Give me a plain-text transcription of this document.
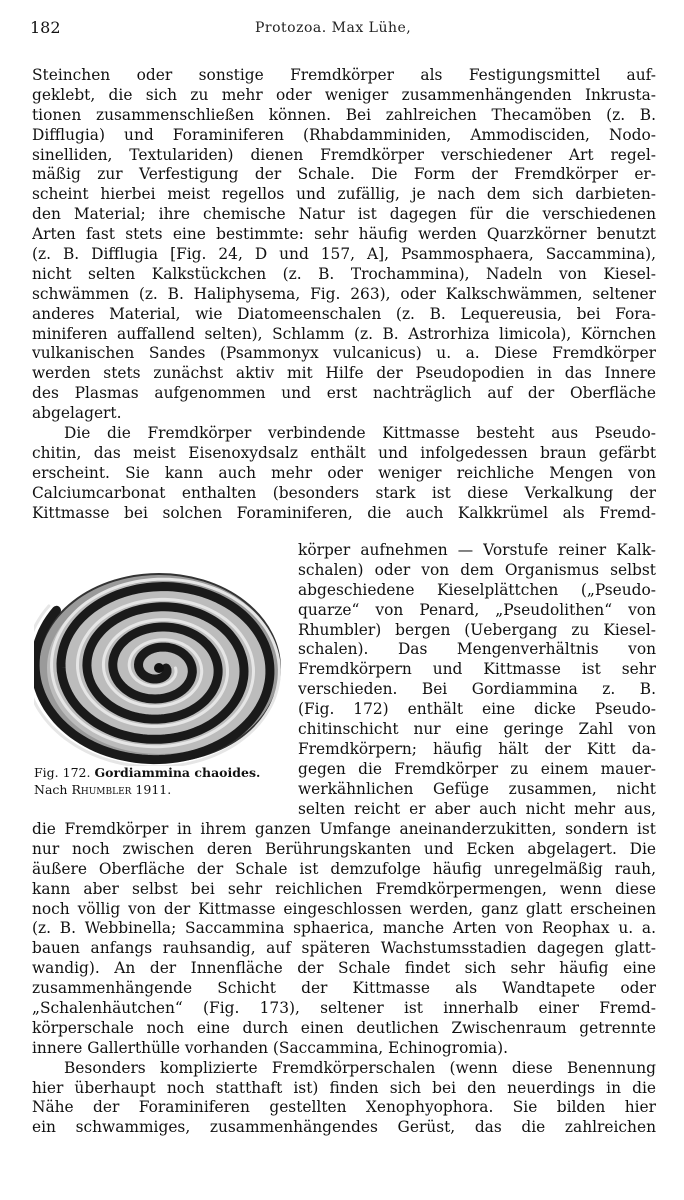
182	Protozoa. Max Lühe,
Steinchen oder sonstige Fremdkörper als Festigungsmittel auf-
geklebt, die sich zu mehr oder weniger zusammenhängenden Inkrusta-
tionen zusammenschließen können. Bei zahlreichen Thecamöben (z. B.
Difflugia) und Foraminiferen (Rhabdamminiden, Ammodisciden, Nodo-
sinelliden, Textulariden) dienen Fremdkörper verschiedener Art regel-
mäßig zur Verfestigung der Schale. Die Form der Fremdkörper er-
scheint hierbei meist regellos und zufällig, je nach dem sich darbieten-
den Material; ihre chemische Natur ist dagegen für die verschiedenen
Arten fast stets eine bestimmte: sehr häufig werden Quarzkörner benutzt
(z. B. Difflugia [Fig. 24, D und 157, A], Psammosphaera, Saccammina),
nicht selten Kalkstückchen (z. B. Trochammina), Nadeln von Kiesel-
schwämmen (z. B. Haliphysema, Fig. 263), oder Kalkschwämmen, seltener
anderes Material, wie Diatomeenschalen (z. B. Lequereusia, bei Fora-
miniferen auffallend selten), Schlamm (z. B. Astrorhiza limicola), Körnchen
vulkanischen Sandes (Psammonyx vulcanicus) u. a. Diese Fremdkörper
werden stets zunächst aktiv mit Hilfe der Pseudopodien in das Innere
des Plasmas aufgenommen und erst nachträglich auf der Oberfläche
abgelagert.
Die die Fremdkörper verbindende Kittmasse besteht aus Pseudo-
chitin, das meist Eisenoxydsalz enthält und infolgedessen braun gefärbt
erscheint. Sie kann auch mehr oder weniger reichliche Mengen von
Calciumcarbonat enthalten (besonders stark ist diese Verkalkung der
Kittmasse bei solchen Foraminiferen, die auch Kalkkrümel als Fremd-
Fig. 172. Gordiammina chaoides. Nach Rhumbler 1911.
körper aufnehmen — Vorstufe reiner Kalk-
schalen) oder von dem Organismus selbst
abgeschiedene Kieselplättchen („Pseudo-
quarze“ von Penard, „Pseudolithen“ von
Rhumbler) bergen (Uebergang zu Kiesel-
schalen). Das Mengenverhältnis von
Fremdkörpern und Kittmasse ist sehr
verschieden. Bei Gordiammina z. B.
(Fig. 172) enthält eine dicke Pseudo-
chitinschicht nur eine geringe Zahl von
Fremdkörpern; häufig hält der Kitt da-
gegen die Fremdkörper zu einem mauer-
werkähnlichen Gefüge zusammen, nicht
selten reicht er aber auch nicht mehr aus,
die Fremdkörper in ihrem ganzen Umfange aneinanderzukitten, sondern ist
nur noch zwischen deren Berührungskanten und Ecken abgelagert. Die
äußere Oberfläche der Schale ist demzufolge häufig unregelmäßig rauh,
kann aber selbst bei sehr reichlichen Fremdkörpermengen, wenn diese
noch völlig von der Kittmasse eingeschlossen werden, ganz glatt erscheinen
(z. B. Webbinella; Saccammina sphaerica, manche Arten von Reophax u. a.
bauen anfangs rauhsandig, auf späteren Wachstumsstadien dagegen glatt-
wandig). An der Innenfläche der Schale findet sich sehr häufig eine
zusammenhängende Schicht der Kittmasse als Wandtapete oder
„Schalenhäutchen“ (Fig. 173), seltener ist innerhalb einer Fremd-
körperschale noch eine durch einen deutlichen Zwischenraum getrennte
innere Gallerthülle vorhanden (Saccammina, Echinogromia).
Besonders komplizierte Fremdkörperschalen (wenn diese Benennung
hier überhaupt noch statthaft ist) finden sich bei den neuerdings in die
Nähe der Foraminiferen gestellten Xenophyophora. Sie bilden hier
ein schwammiges, zusammenhängendes Gerüst, das die zahlreichen
